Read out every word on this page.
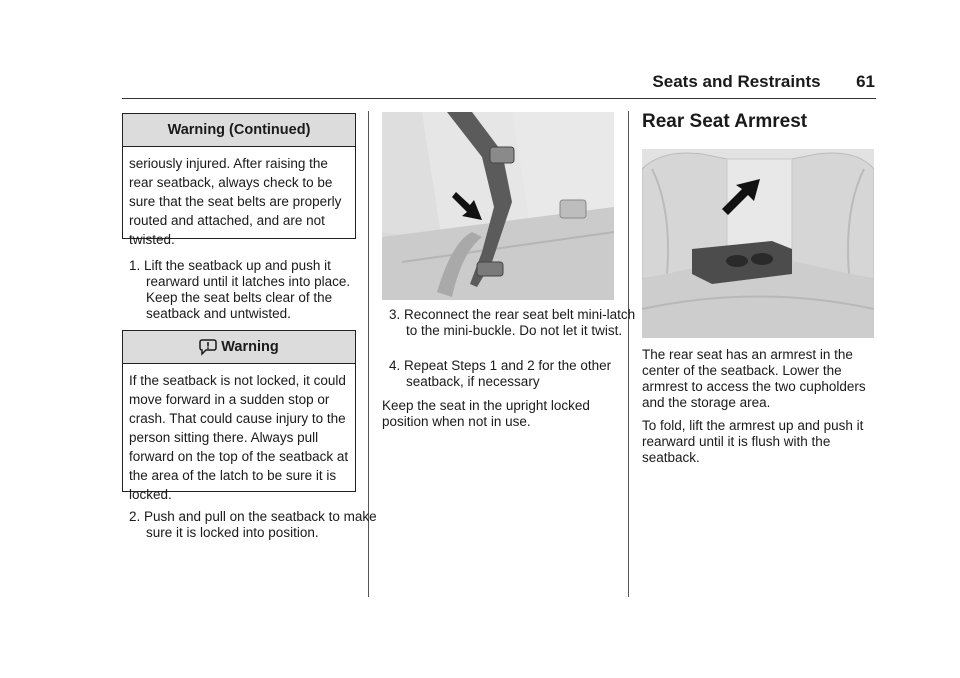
Seats and Restraints 61
Warning (Continued)
seriously injured. After raising the rear seatback, always check to be sure that the seat belts are properly routed and attached, and are not twisted.
1. Lift the seatback up and push it rearward until it latches into place. Keep the seat belts clear of the seatback and untwisted.
Warning
If the seatback is not locked, it could move forward in a sudden stop or crash. That could cause injury to the person sitting there. Always pull forward on the top of the seatback at the area of the latch to be sure it is locked.
2. Push and pull on the seatback to make sure it is locked into position.
3. Reconnect the rear seat belt mini-latch to the mini-buckle. Do not let it twist.
4. Repeat Steps 1 and 2 for the other seatback, if necessary
Keep the seat in the upright locked position when not in use.
Rear Seat Armrest
The rear seat has an armrest in the center of the seatback. Lower the armrest to access the two cupholders and the storage area.
To fold, lift the armrest up and push it rearward until it is flush with the seatback.
